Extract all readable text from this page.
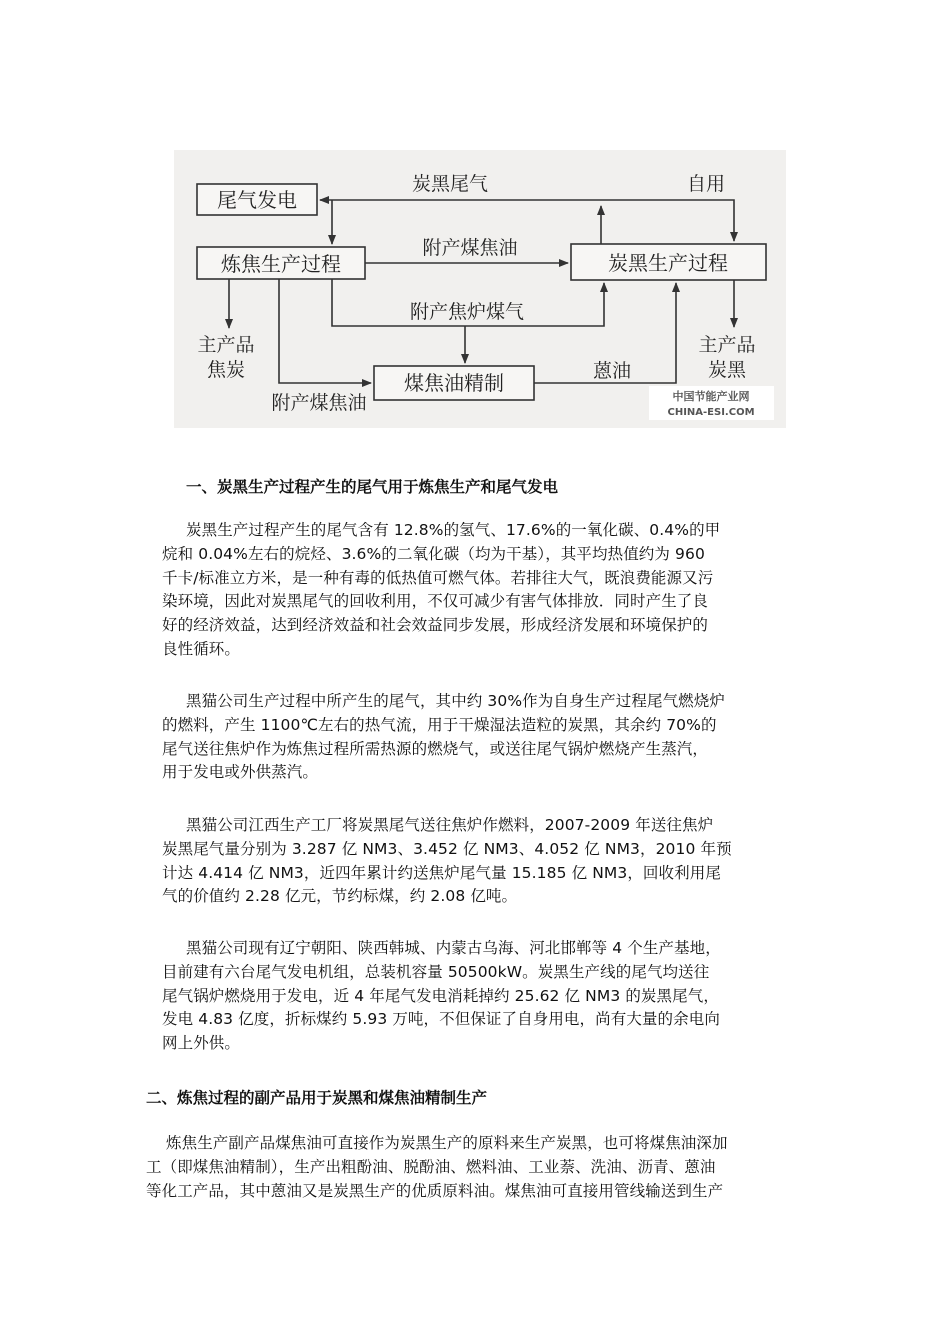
尾气发电
炼焦生产过程	炭黑生产过程
煤焦油精制
炭黑尾气	自用
附产煤焦油
附产焦炉煤气
主产品
焦炭
主产品
炭黑
蒽油
附产煤焦油	中国节能产业网
CHINA-ESI.COM
一、炭黑生产过程产生的尾气用于炼焦生产和尾气发电

炭黑生产过程产生的尾气含有 12.8%的氢气、17.6%的一氧化碳、0.4%的甲

烷和 0.04%左右的烷烃、3.6%的二氧化碳（均为干基），其平均热值约为 960

千卡/标准立方米，是一种有毒的低热值可燃气体。若排往大气，既浪费能源又污

染环境，因此对炭黑尾气的回收利用，不仅可减少有害气体排放．同时产生了良

好的经济效益，达到经济效益和社会效益同步发展，形成经济发展和环境保护的

良性循环。

黑猫公司生产过程中所产生的尾气，其中约 30%作为自身生产过程尾气燃烧炉

的燃料，产生 1100℃左右的热气流，用于干燥湿法造粒的炭黑，其余约 70%的

尾气送往焦炉作为炼焦过程所需热源的燃烧气，或送往尾气锅炉燃烧产生蒸汽，

用于发电或外供蒸汽。

黑猫公司江西生产工厂将炭黑尾气送往焦炉作燃料，2007-2009 年送往焦炉

炭黑尾气量分别为 3.287 亿 NM3、3.452 亿 NM3、4.052 亿 NM3，2010 年预

计达 4.414 亿 NM3，近四年累计约送焦炉尾气量 15.185 亿 NM3，回收利用尾

气的价值约 2.28 亿元，节约标煤，约 2.08 亿吨。

黑猫公司现有辽宁朝阳、陕西韩城、内蒙古乌海、河北邯郸等 4 个生产基地，

目前建有六台尾气发电机组，总装机容量 50500kW。炭黑生产线的尾气均送往

尾气锅炉燃烧用于发电，近 4 年尾气发电消耗掉约 25.62 亿 NM3 的炭黑尾气，

发电 4.83 亿度，折标煤约 5.93 万吨，不但保证了自身用电，尚有大量的余电向

网上外供。

二、炼焦过程的副产品用于炭黑和煤焦油精制生产

炼焦生产副产品煤焦油可直接作为炭黑生产的原料来生产炭黑，也可将煤焦油深加

工（即煤焦油精制），生产出粗酚油、脱酚油、燃料油、工业萘、洗油、沥青、蒽油

等化工产品，其中蒽油又是炭黑生产的优质原料油。煤焦油可直接用管线输送到生产
